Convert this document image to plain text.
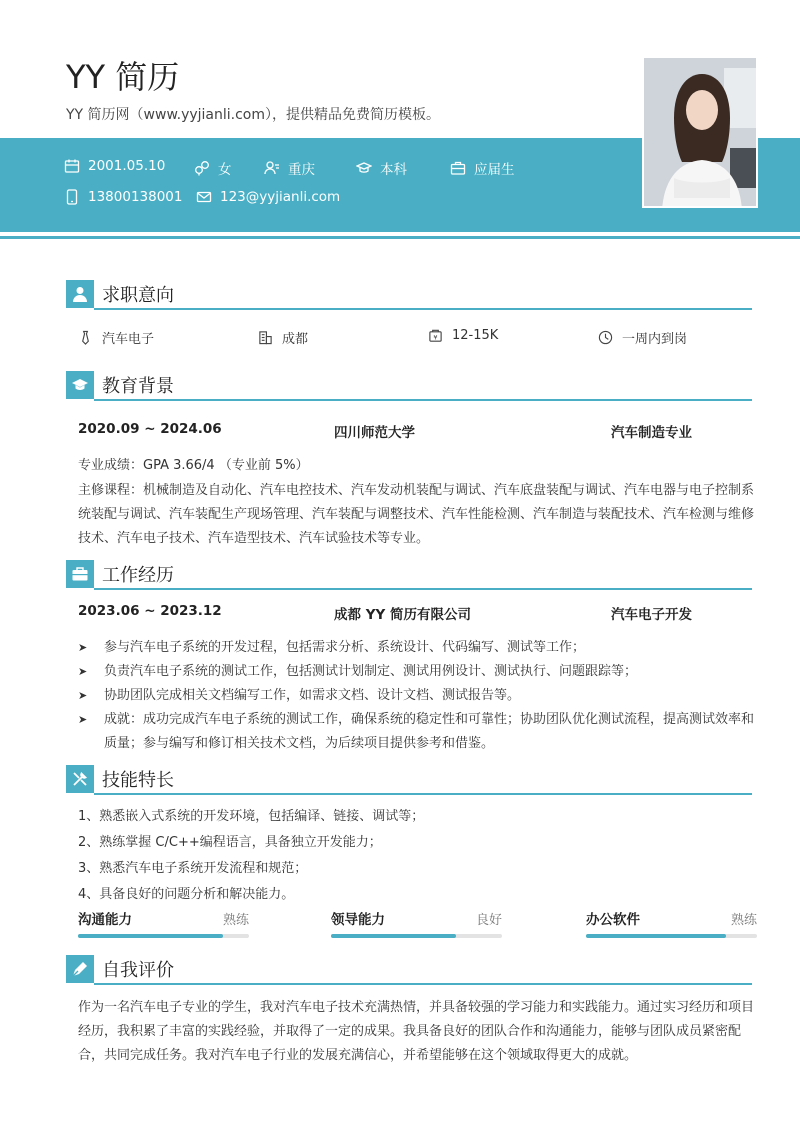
YY 简历
YY 简历网（www.yyjianli.com），提供精品免费简历模板。
2001.05.10	女	重庆	本科	应届生
13800138001	123@yyjianli.com
求职意向
汽车电子	成都	¥ 12-15K	一周内到岗
教育背景
2020.09 ~ 2024.06	四川师范大学	汽车制造专业
专业成绩：GPA 3.66/4 （专业前 5%）
主修课程：机械制造及自动化、汽车电控技术、汽车发动机装配与调试、汽车底盘装配与调试、汽车电器与电子控制系统装配与调试、汽车装配生产现场管理、汽车装配与调整技术、汽车性能检测、汽车制造与装配技术、汽车检测与维修技术、汽车电子技术、汽车造型技术、汽车试验技术等专业。
工作经历
2023.06 ~ 2023.12	成都 YY 简历有限公司	汽车电子开发
➤ 参与汽车电子系统的开发过程，包括需求分析、系统设计、代码编写、测试等工作；
➤ 负责汽车电子系统的测试工作，包括测试计划制定、测试用例设计、测试执行、问题跟踪等；
➤ 协助团队完成相关文档编写工作，如需求文档、设计文档、测试报告等。
➤ 成就：成功完成汽车电子系统的测试工作，确保系统的稳定性和可靠性；协助团队优化测试流程，提高测试效率和质量；参与编写和修订相关技术文档，为后续项目提供参考和借鉴。
技能特长
1、熟悉嵌入式系统的开发环境，包括编译、链接、调试等；
2、熟练掌握 C/C++编程语言，具备独立开发能力；
3、熟悉汽车电子系统开发流程和规范；
4、具备良好的问题分析和解决能力。
沟通能力	熟练	领导能力	良好	办公软件	熟练
自我评价
作为一名汽车电子专业的学生，我对汽车电子技术充满热情，并具备较强的学习能力和实践能力。通过实习经历和项目经历，我积累了丰富的实践经验，并取得了一定的成果。我具备良好的团队合作和沟通能力，能够与团队成员紧密配合，共同完成任务。我对汽车电子行业的发展充满信心，并希望能够在这个领域取得更大的成就。
